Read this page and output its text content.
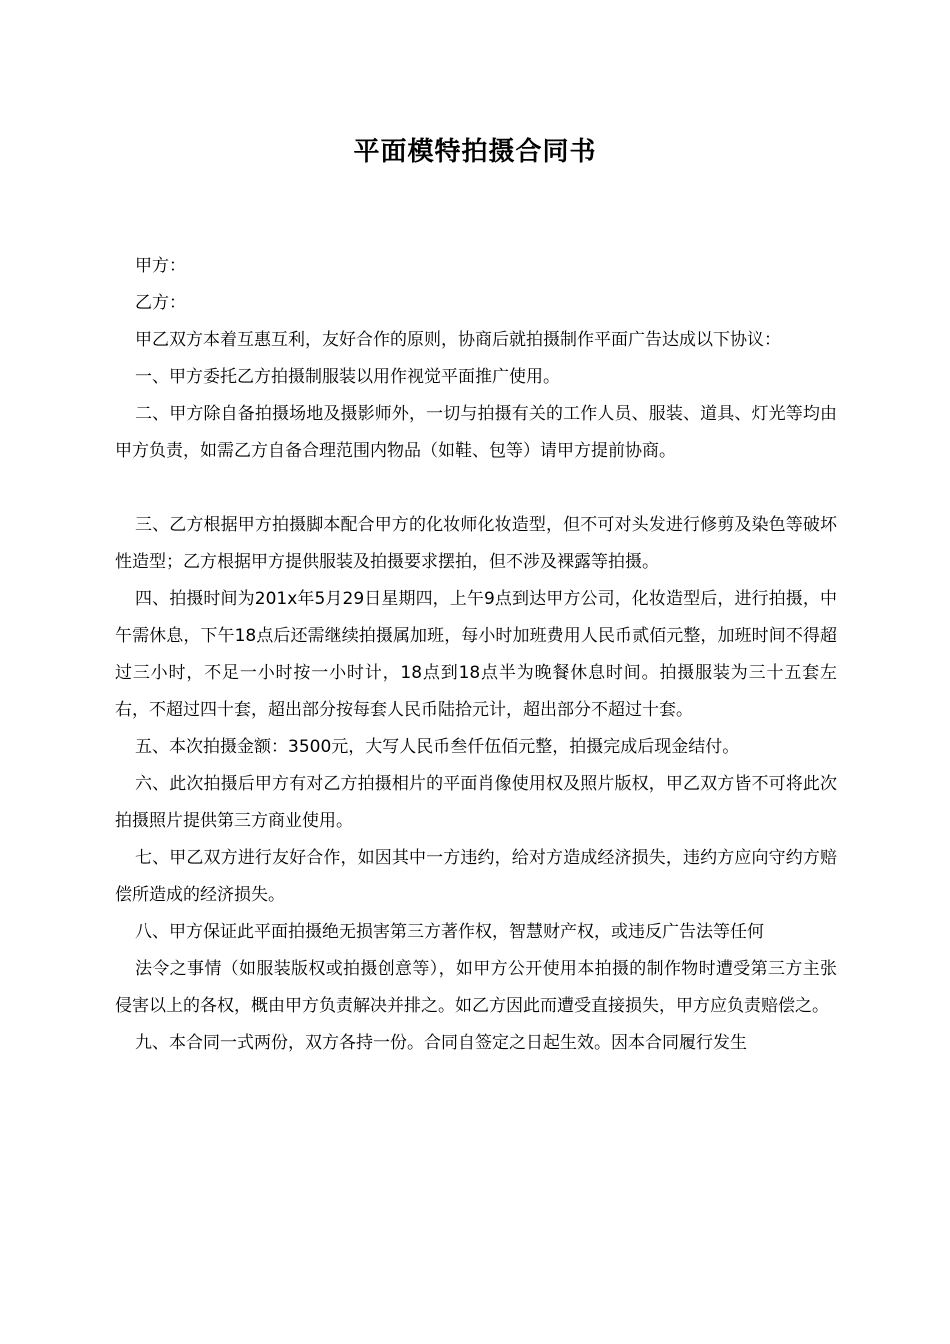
平面模特拍摄合同书

甲方：

乙方：

甲乙双方本着互惠互利，友好合作的原则，协商后就拍摄制作平面广告达成以下协议：

一、甲方委托乙方拍摄制服装以用作视觉平面推广使用。

二、甲方除自备拍摄场地及摄影师外，一切与拍摄有关的工作人员、服装、道具、灯光等均由甲方负责，如需乙方自备合理范围内物品（如鞋、包等）请甲方提前协商。

三、乙方根据甲方拍摄脚本配合甲方的化妆师化妆造型，但不可对头发进行修剪及染色等破坏性造型；乙方根据甲方提供服装及拍摄要求摆拍，但不涉及裸露等拍摄。

四、拍摄时间为201x年5月29日星期四，上午9点到达甲方公司，化妆造型后，进行拍摄，中午需休息，下午18点后还需继续拍摄属加班，每小时加班费用人民币贰佰元整，加班时间不得超过三小时，不足一小时按一小时计，18点到18点半为晚餐休息时间。拍摄服装为三十五套左右，不超过四十套，超出部分按每套人民币陆拾元计，超出部分不超过十套。

五、本次拍摄金额：3500元，大写人民币叁仟伍佰元整，拍摄完成后现金结付。

六、此次拍摄后甲方有对乙方拍摄相片的平面肖像使用权及照片版权，甲乙双方皆不可将此次拍摄照片提供第三方商业使用。

七、甲乙双方进行友好合作，如因其中一方违约，给对方造成经济损失，违约方应向守约方赔偿所造成的经济损失。

八、甲方保证此平面拍摄绝无损害第三方著作权，智慧财产权，或违反广告法等任何

法令之事情（如服装版权或拍摄创意等），如甲方公开使用本拍摄的制作物时遭受第三方主张侵害以上的各权，概由甲方负责解决并排之。如乙方因此而遭受直接损失，甲方应负责赔偿之。

九、本合同一式两份，双方各持一份。合同自签定之日起生效。因本合同履行发生
